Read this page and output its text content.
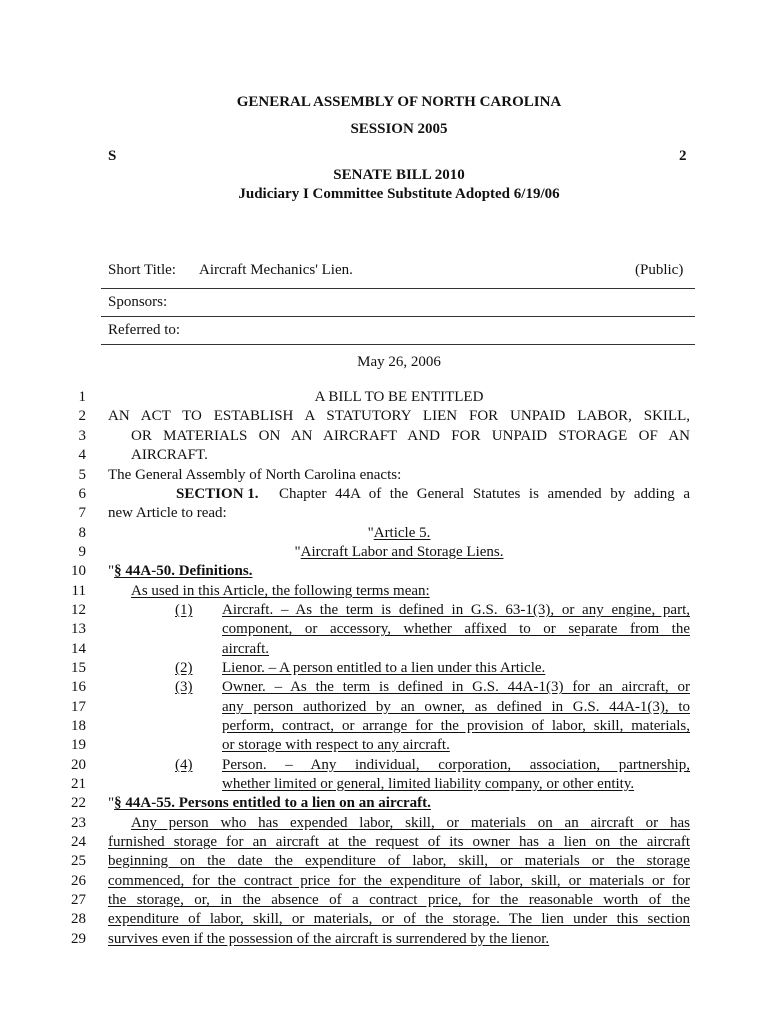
GENERAL ASSEMBLY OF NORTH CAROLINA
SESSION 2005
S	2
SENATE BILL 2010
Judiciary I Committee Substitute Adopted 6/19/06
Short Title: Aircraft Mechanics' Lien.	(Public)
Sponsors:
Referred to:
May 26, 2006
1
2
3
4
5
6
7
8
9
10
11
12
13
14
15
16
17
18
19
20
21
22
23
24
25
26
27
28
29
A BILL TO BE ENTITLED
AN ACT TO ESTABLISH A STATUTORY LIEN FOR UNPAID LABOR, SKILL,
OR MATERIALS ON AN AIRCRAFT AND FOR UNPAID STORAGE OF AN
AIRCRAFT.
The General Assembly of North Carolina enacts:
SECTION 1. Chapter 44A of the General Statutes is amended by adding a
new Article to read:
"Article 5.
"Aircraft Labor and Storage Liens.
"§ 44A-50. Definitions.
As used in this Article, the following terms mean:
(1) Aircraft. – As the term is defined in G.S. 63-1(3), or any engine, part,
component, or accessory, whether affixed to or separate from the
aircraft.
(2) Lienor. – A person entitled to a lien under this Article.
(3) Owner. – As the term is defined in G.S. 44A-1(3) for an aircraft, or
any person authorized by an owner, as defined in G.S. 44A-1(3), to
perform, contract, or arrange for the provision of labor, skill, materials,
or storage with respect to any aircraft.
(4) Person. – Any individual, corporation, association, partnership,
whether limited or general, limited liability company, or other entity.
"§ 44A-55. Persons entitled to a lien on an aircraft.
Any person who has expended labor, skill, or materials on an aircraft or has
furnished storage for an aircraft at the request of its owner has a lien on the aircraft
beginning on the date the expenditure of labor, skill, or materials or the storage
commenced, for the contract price for the expenditure of labor, skill, or materials or for
the storage, or, in the absence of a contract price, for the reasonable worth of the
expenditure of labor, skill, or materials, or of the storage. The lien under this section
survives even if the possession of the aircraft is surrendered by the lienor.
